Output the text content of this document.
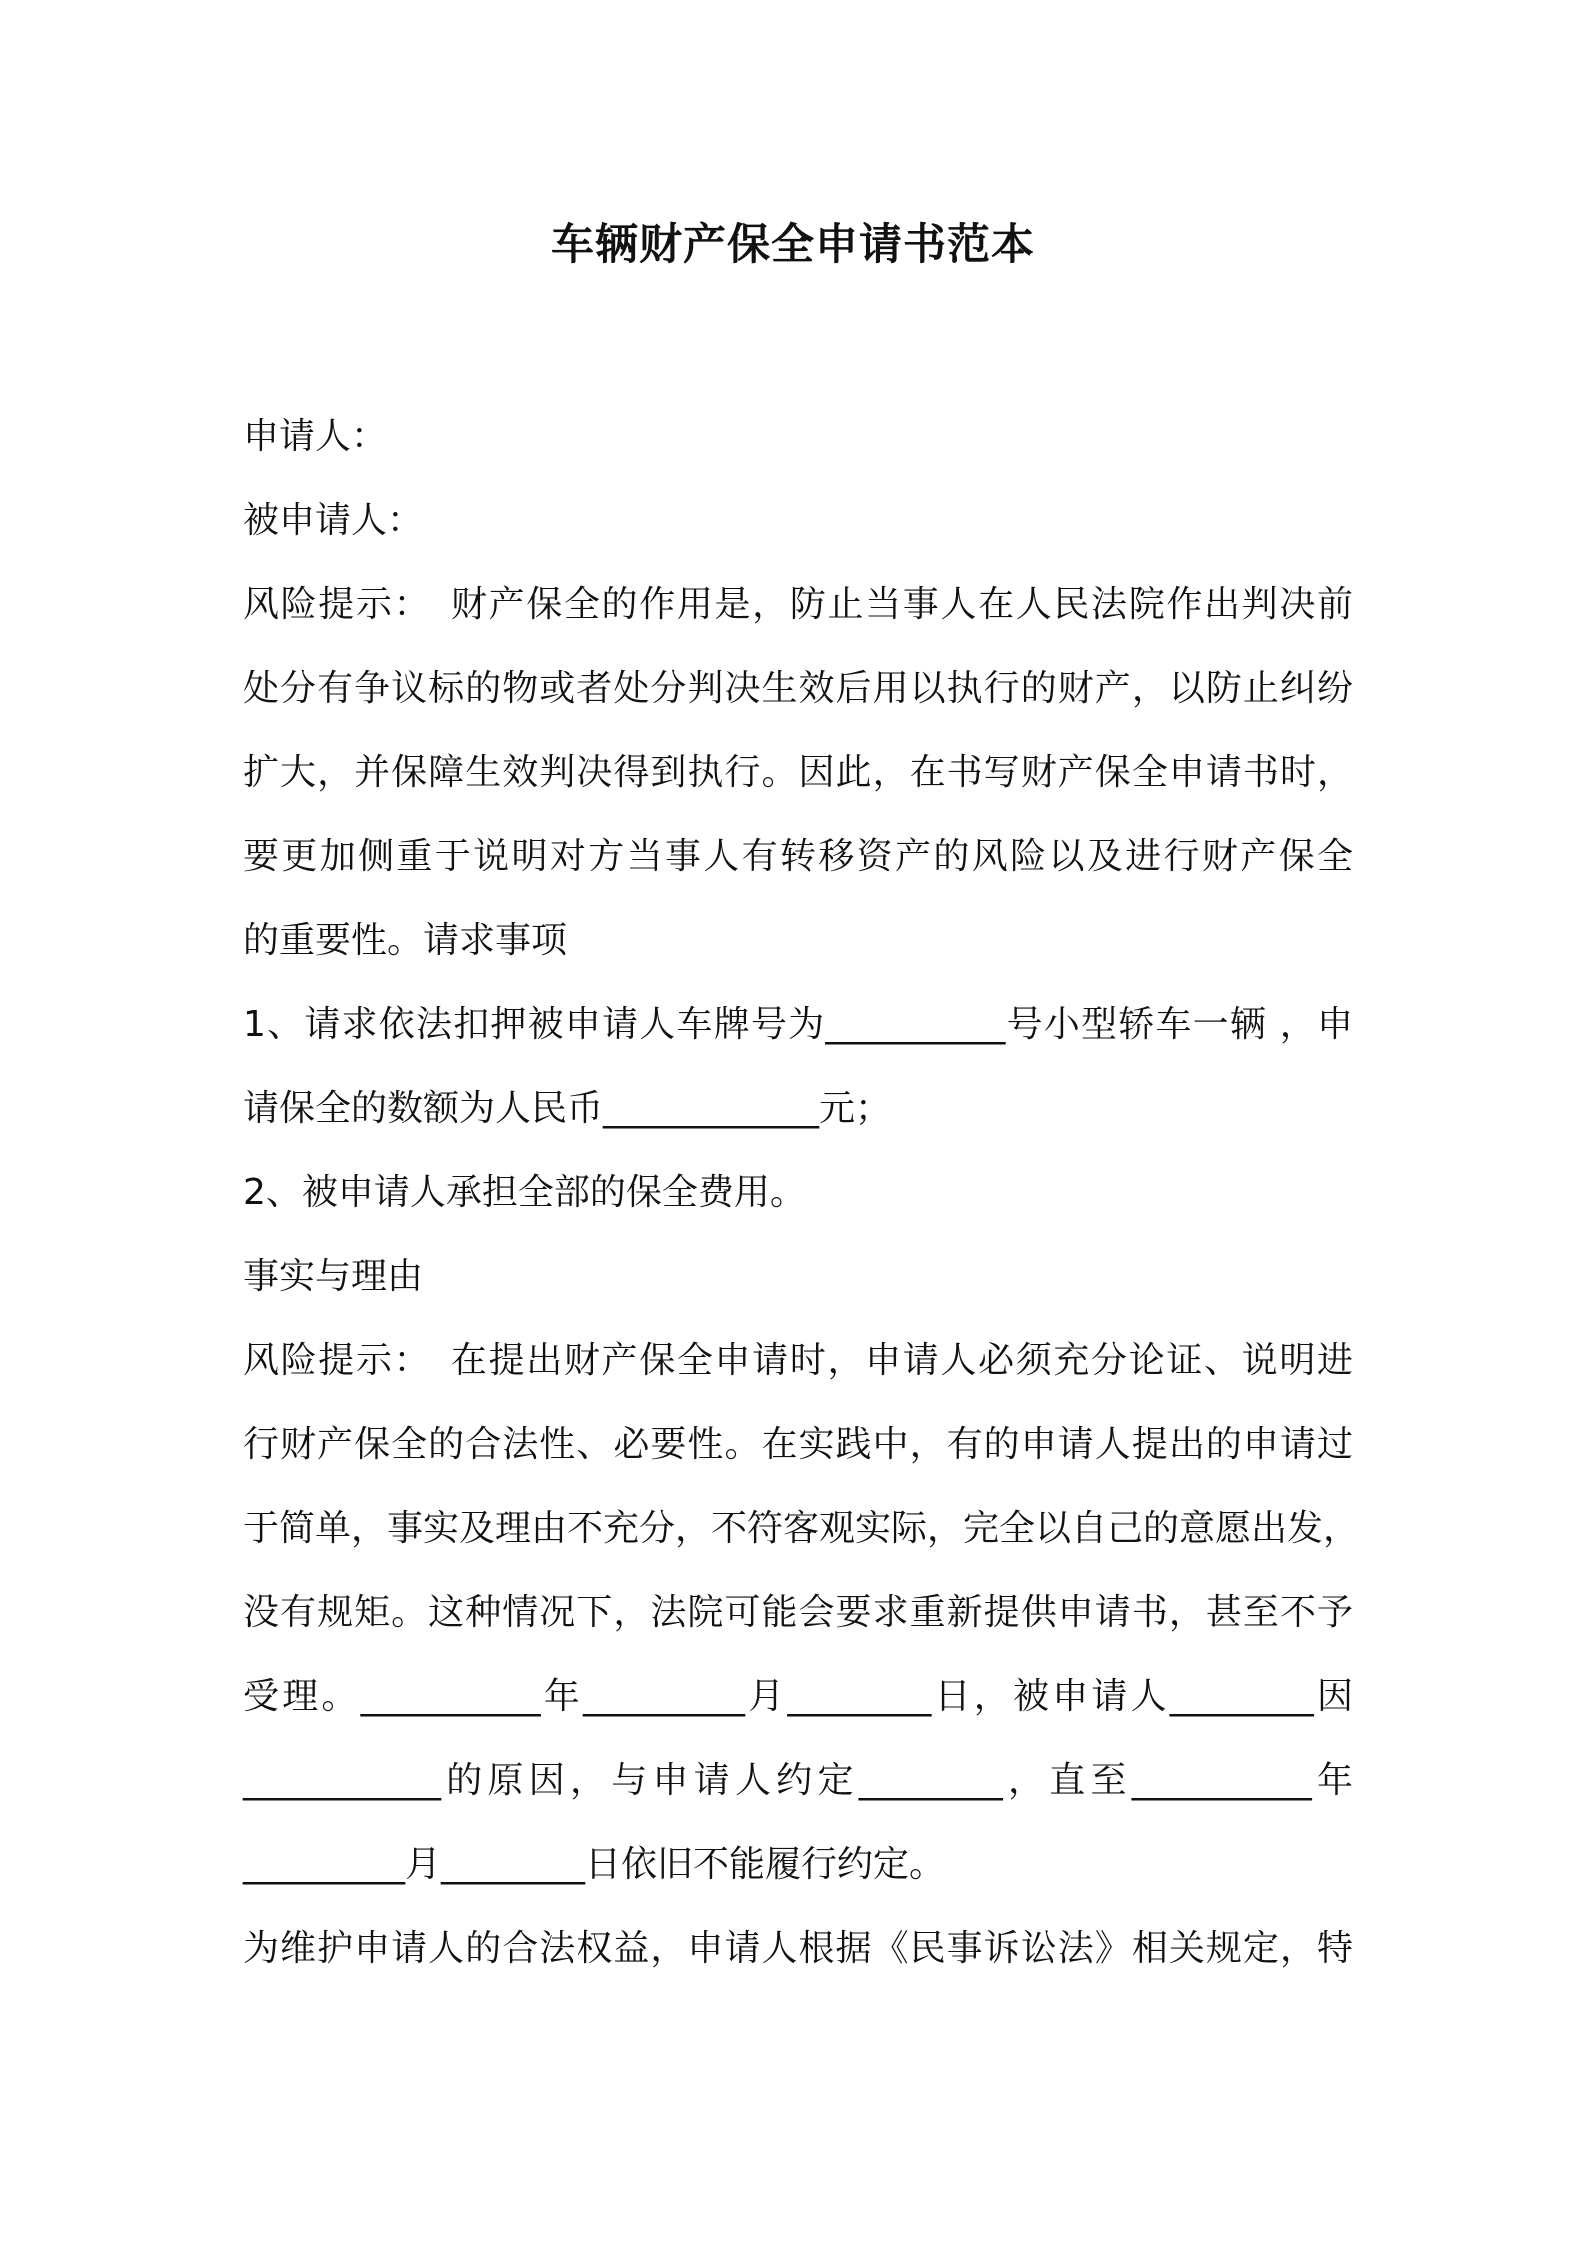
车辆财产保全申请书范本
申请人：
被申请人：
风险提示：　财产保全的作用是，防止当事人在人民法院作出判决前
处分有争议标的物或者处分判决生效后用以执行的财产，以防止纠纷
扩大，并保障生效判决得到执行。因此，在书写财产保全申请书时，
要更加侧重于说明对方当事人有转移资产的风险以及进行财产保全
的重要性。请求事项
1、请求依法扣押被申请人车牌号为__________号小型轿车一辆 ，申
请保全的数额为人民币____________元；
2、被申请人承担全部的保全费用。
事实与理由
风险提示：　在提出财产保全申请时，申请人必须充分论证、说明进
行财产保全的合法性、必要性。在实践中，有的申请人提出的申请过
于简单，事实及理由不充分，不符客观实际，完全以自己的意愿出发，
没有规矩。这种情况下，法院可能会要求重新提供申请书，甚至不予
受理。__________年_________月________日，被申请人________因
___________的原因，与申请人约定________，直至__________年
_________月________日依旧不能履行约定。
为维护申请人的合法权益，申请人根据《民事诉讼法》相关规定，特
